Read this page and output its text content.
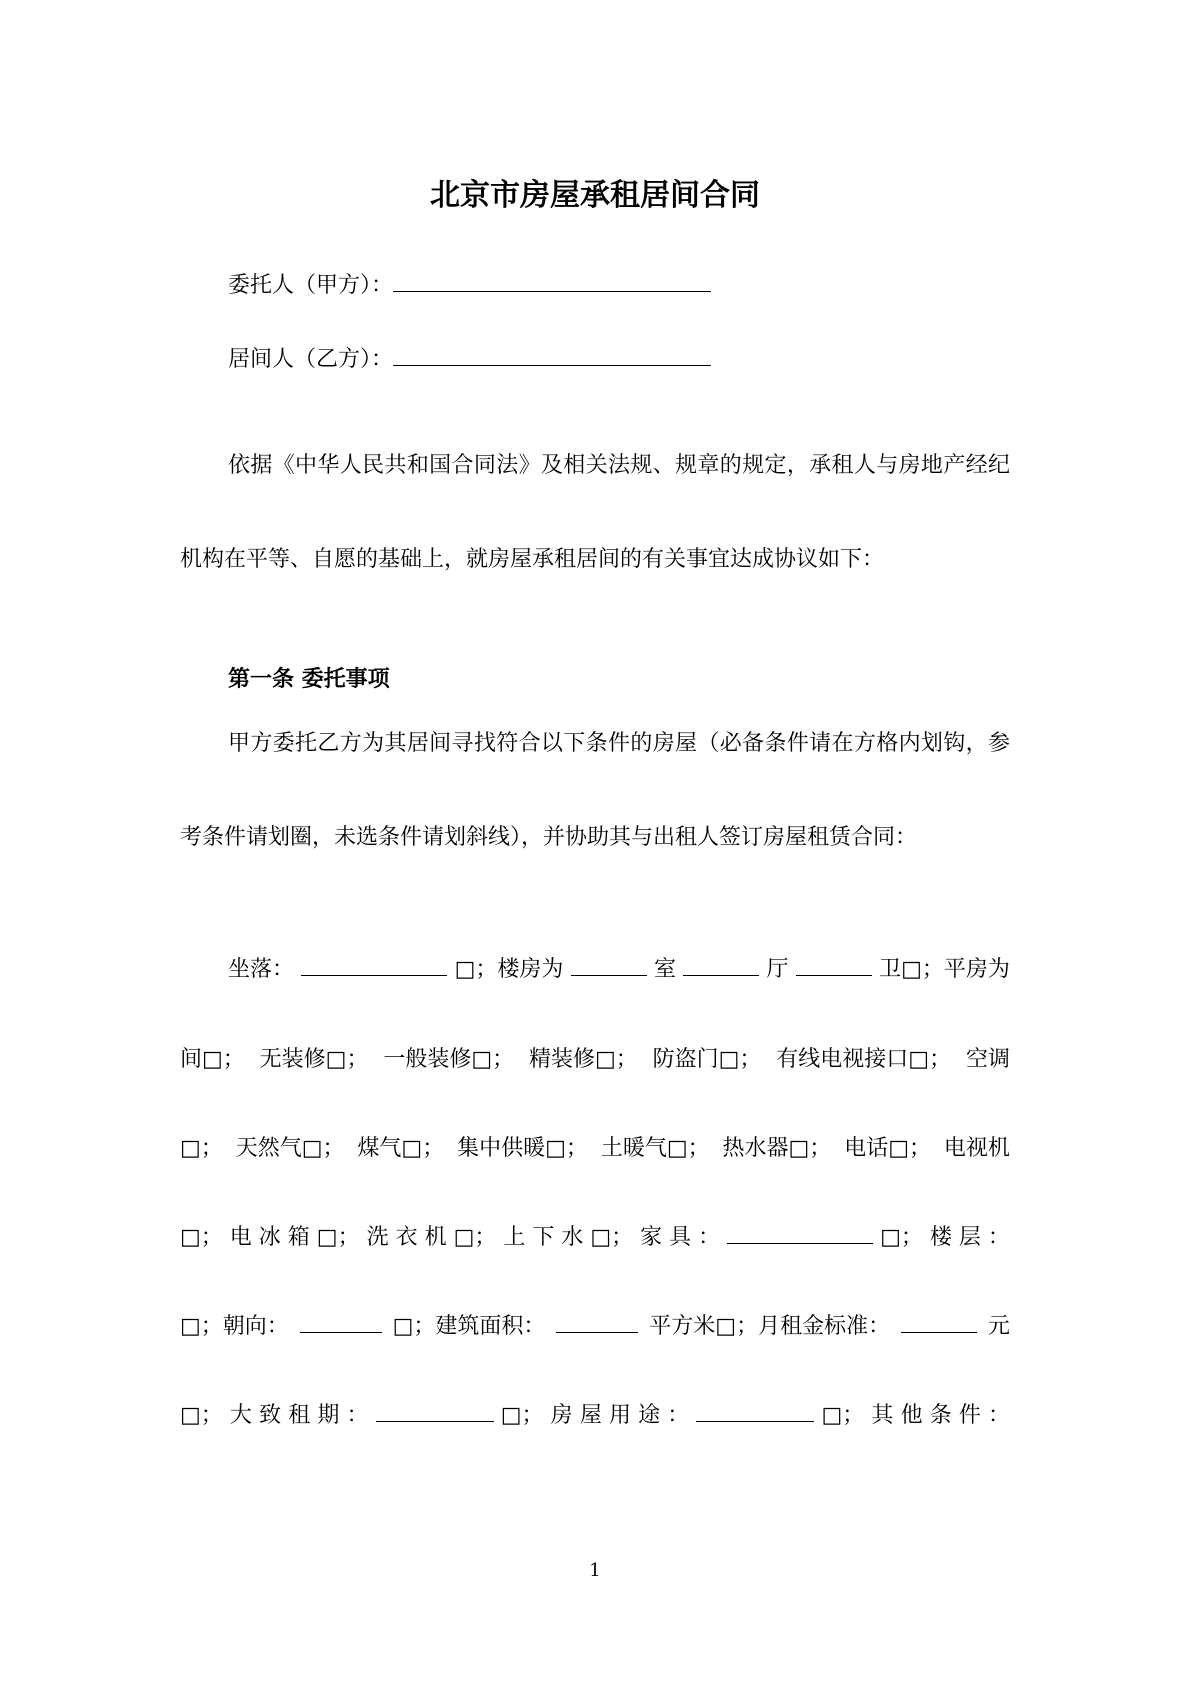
北京市房屋承租居间合同
委托人（甲方）：
居间人（乙方）：

依据《中华人民共和国合同法》及相关法规、规章的规定，承租人与房地产经纪机构在平等、自愿的基础上，就房屋承租居间的有关事宜达成协议如下：

第一条 委托事项

甲方委托乙方为其居间寻找符合以下条件的房屋（必备条件请在方格内划钩，参考条件请划圈，未选条件请划斜线），并协助其与出租人签订房屋租赁合同：

坐落：	□；楼房为	室	厅	卫□；平房为
间□； 无装修□； 一般装修□； 精装修□； 防盗门□； 有线电视接口□； 空调
□； 天然气□； 煤气□； 集中供暖□； 土暖气□； 热水器□； 电话□； 电视机
□； 电 冰 箱 □； 洗 衣 机 □； 上 下 水 □； 家 具 ：	□； 楼 层 ：
□；朝向：	□；建筑面积：	平方米□；月租金标准：	元
□； 大 致 租 期 ：	□； 房 屋 用 途 ：	□； 其 他 条 件 ：
1
